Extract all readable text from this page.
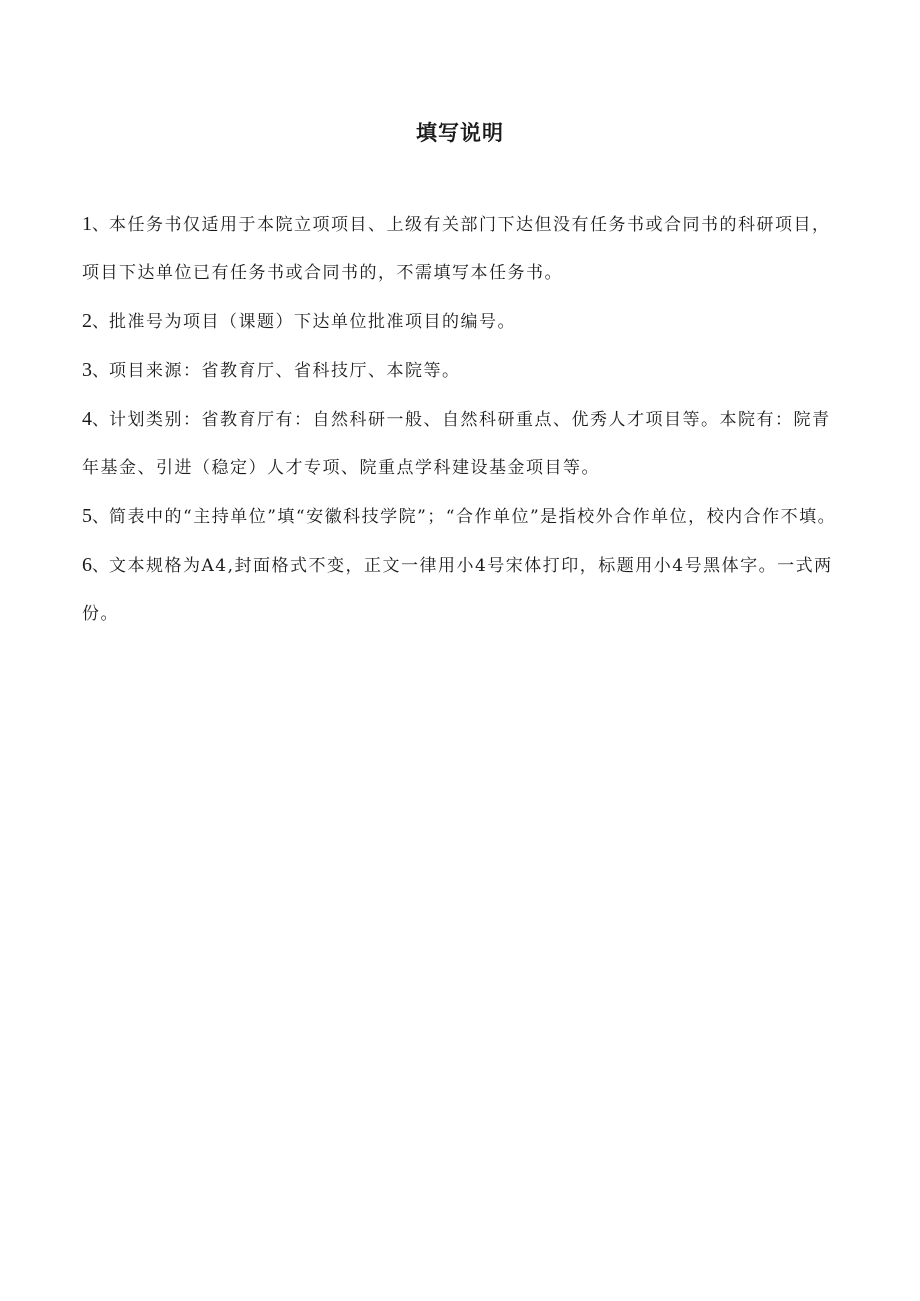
填写说明

1、本任务书仅适用于本院立项项目、上级有关部门下达但没有任务书或合同书的科研项目，项目下达单位已有任务书或合同书的，不需填写本任务书。

2、批准号为项目（课题）下达单位批准项目的编号。

3、项目来源：省教育厅、省科技厅、本院等。

4、计划类别：省教育厅有：自然科研一般、自然科研重点、优秀人才项目等。本院有：院青年基金、引进（稳定）人才专项、院重点学科建设基金项目等。

5、简表中的“主持单位”填“安徽科技学院”；“合作单位”是指校外合作单位，校内合作不填。

6、文本规格为A4,封面格式不变，正文一律用小4号宋体打印，标题用小4号黑体字。一式两份。
